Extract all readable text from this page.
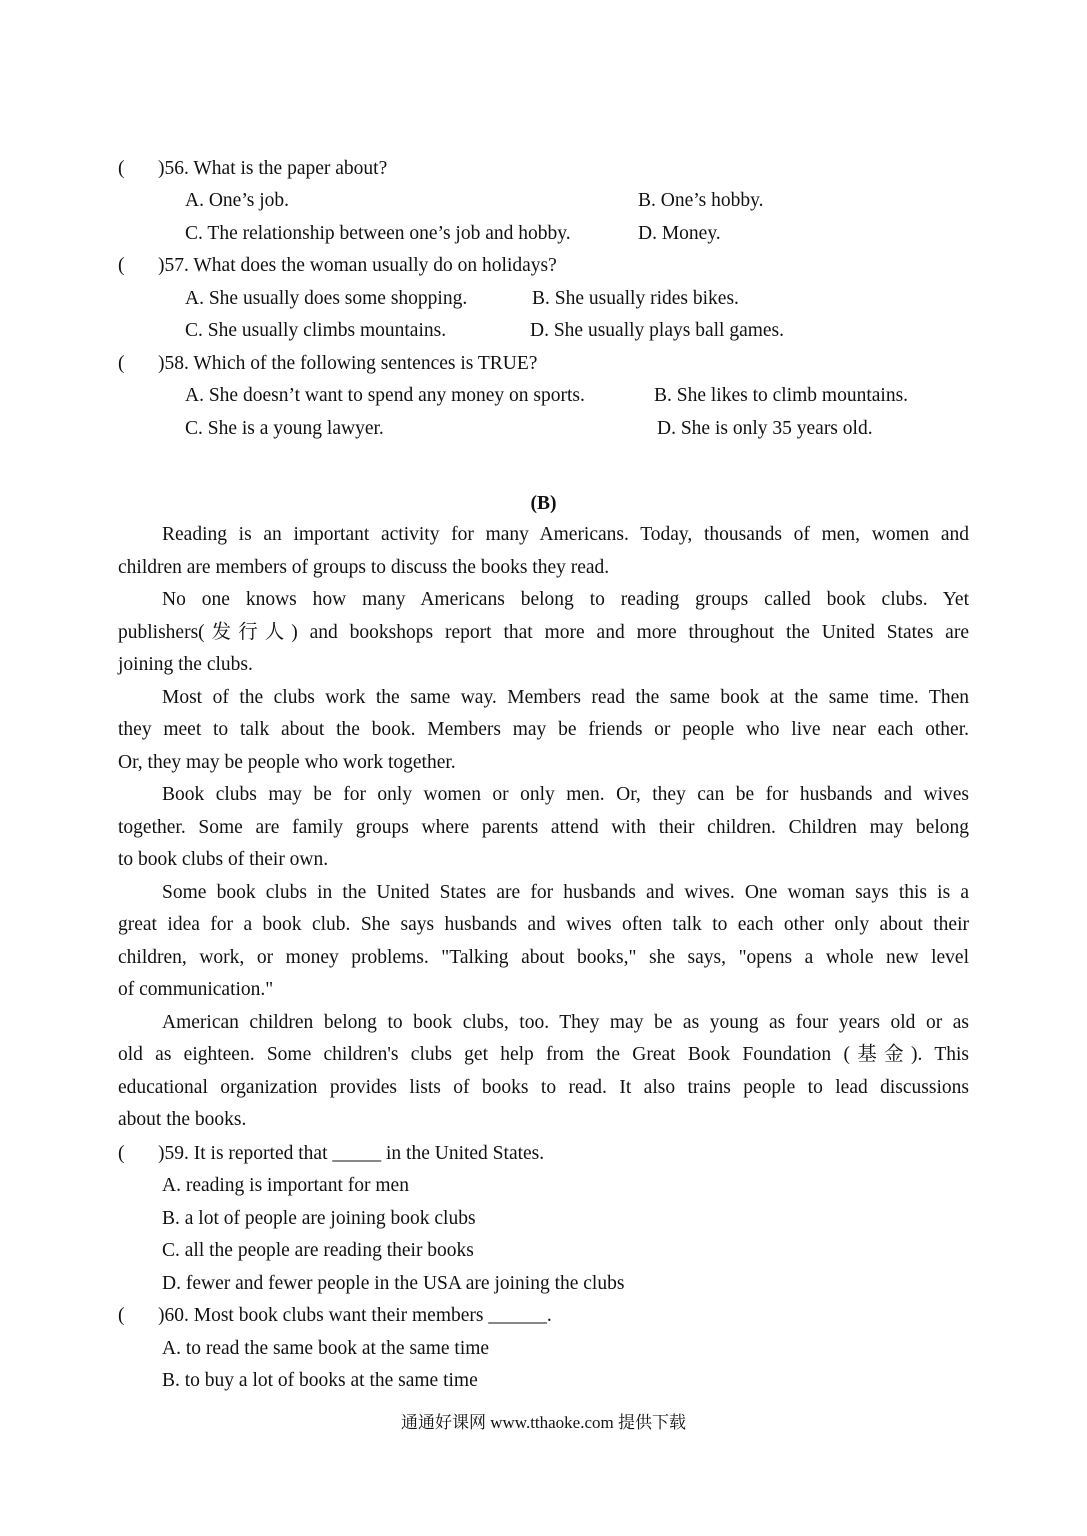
( )56. What is the paper about?
A. One’s job.	B. One’s hobby.
C. The relationship between one’s job and hobby.	D. Money.
( )57. What does the woman usually do on holidays?
A. She usually does some shopping.	B. She usually rides bikes.
C. She usually climbs mountains.	D. She usually plays ball games.
( )58. Which of the following sentences is TRUE?
A. She doesn’t want to spend any money on sports.	B. She likes to climb mountains.
C. She is a young lawyer.	D. She is only 35 years old.
(B)
Reading is an important activity for many Americans. Today, thousands of men, women and
children are members of groups to discuss the books they read.
No one knows how many Americans belong to reading groups called book clubs. Yet
publishers(发行人) and bookshops report that more and more throughout the United States are
joining the clubs.
Most of the clubs work the same way. Members read the same book at the same time. Then
they meet to talk about the book. Members may be friends or people who live near each other.
Or, they may be people who work together.
Book clubs may be for only women or only men. Or, they can be for husbands and wives
together. Some are family groups where parents attend with their children. Children may belong
to book clubs of their own.
Some book clubs in the United States are for husbands and wives. One woman says this is a
great idea for a book club. She says husbands and wives often talk to each other only about their
children, work, or money problems. "Talking about books," she says, "opens a whole new level
of communication."
American children belong to book clubs, too. They may be as young as four years old or as
old as eighteen. Some children's clubs get help from the Great Book Foundation (基金). This
educational organization provides lists of books to read. It also trains people to lead discussions
about the books.
( )59. It is reported that _____ in the United States.
A. reading is important for men
B. a lot of people are joining book clubs
C. all the people are reading their books
D. fewer and fewer people in the USA are joining the clubs
( )60. Most book clubs want their members ______.
A. to read the same book at the same time
B. to buy a lot of books at the same time
通通好课网 www.tthaoke.com 提供下载
